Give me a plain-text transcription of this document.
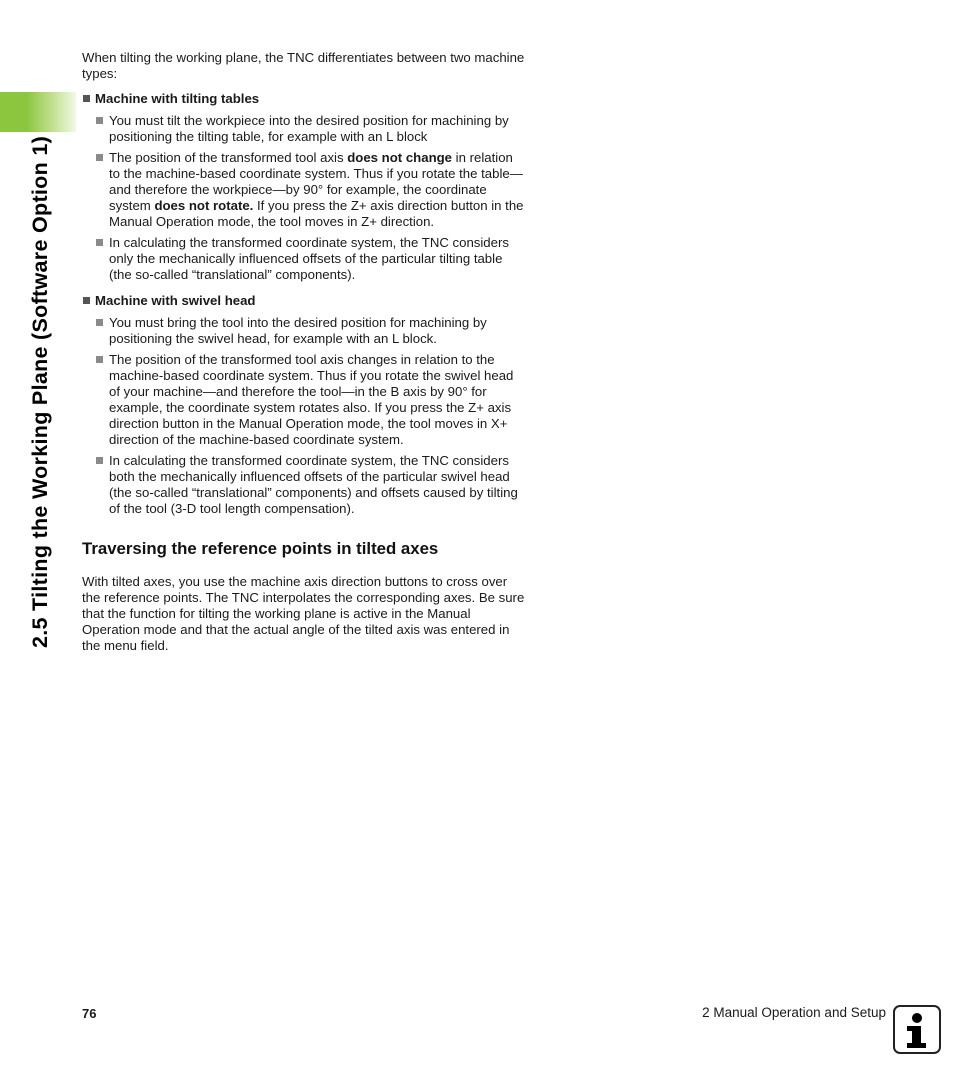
2.5 Tilting the Working Plane (Software Option 1)

When tilting the working plane, the TNC differentiates between two machine types:

Machine with tilting tables
You must tilt the workpiece into the desired position for machining by positioning the tilting table, for example with an L block
The position of the transformed tool axis does not change in relation to the machine-based coordinate system. Thus if you rotate the table—and therefore the workpiece—by 90° for example, the coordinate system does not rotate. If you press the Z+ axis direction button in the Manual Operation mode, the tool moves in Z+ direction.
In calculating the transformed coordinate system, the TNC considers only the mechanically influenced offsets of the particular tilting table (the so-called “translational” components).
Machine with swivel head
You must bring the tool into the desired position for machining by positioning the swivel head, for example with an L block.
The position of the transformed tool axis changes in relation to the machine-based coordinate system. Thus if you rotate the swivel head of your machine—and therefore the tool—in the B axis by 90° for example, the coordinate system rotates also. If you press the Z+ axis direction button in the Manual Operation mode, the tool moves in X+ direction of the machine-based coordinate system.
In calculating the transformed coordinate system, the TNC considers both the mechanically influenced offsets of the particular swivel head (the so-called “translational” components) and offsets caused by tilting of the tool (3-D tool length compensation).

Traversing the reference points in tilted axes

With tilted axes, you use the machine axis direction buttons to cross over the reference points. The TNC interpolates the corresponding axes. Be sure that the function for tilting the working plane is active in the Manual Operation mode and that the actual angle of the tilted axis was entered in the menu field.

76	2 Manual Operation and Setup
